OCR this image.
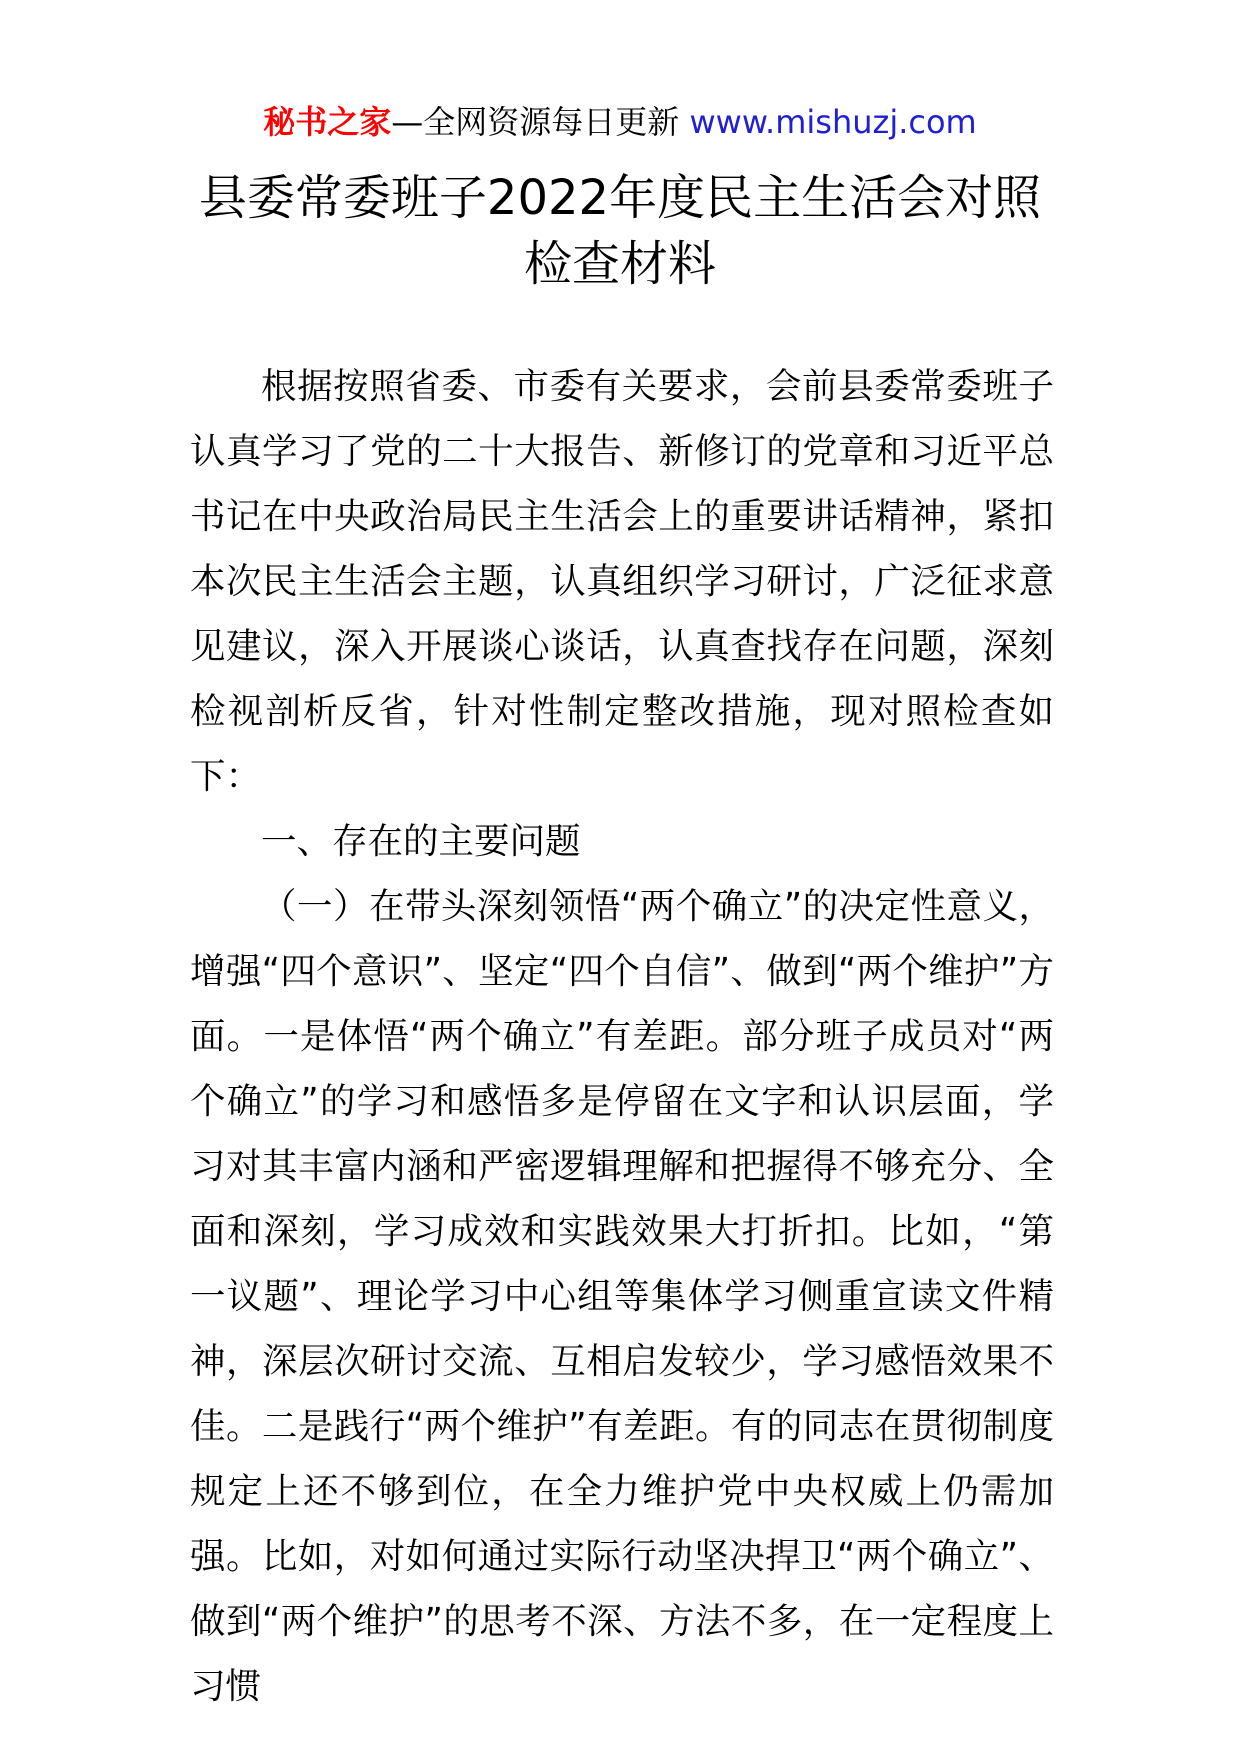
秘书之家—全网资源每日更新 www.mishuzj.com
县委常委班子2022年度民主生活会对照
检查材料

根据按照省委、市委有关要求，会前县委常委班子认真学习了党的二十大报告、新修订的党章和习近平总书记在中央政治局民主生活会上的重要讲话精神，紧扣本次民主生活会主题，认真组织学习研讨，广泛征求意见建议，深入开展谈心谈话，认真查找存在问题，深刻检视剖析反省，针对性制定整改措施，现对照检查如下：

一、存在的主要问题

（一）在带头深刻领悟“两个确立”的决定性意义，增强“四个意识”、坚定“四个自信”、做到“两个维护”方面。一是体悟“两个确立”有差距。部分班子成员对“两个确立”的学习和感悟多是停留在文字和认识层面，学习对其丰富内涵和严密逻辑理解和把握得不够充分、全面和深刻，学习成效和实践效果大打折扣。比如，“第一议题”、理论学习中心组等集体学习侧重宣读文件精神，深层次研讨交流、互相启发较少，学习感悟效果不佳。二是践行“两个维护”有差距。有的同志在贯彻制度规定上还不够到位，在全力维护党中央权威上仍需加强。比如，对如何通过实际行动坚决捍卫“两个确立”、做到“两个维护”的思考不深、方法不多，在一定程度上习惯
